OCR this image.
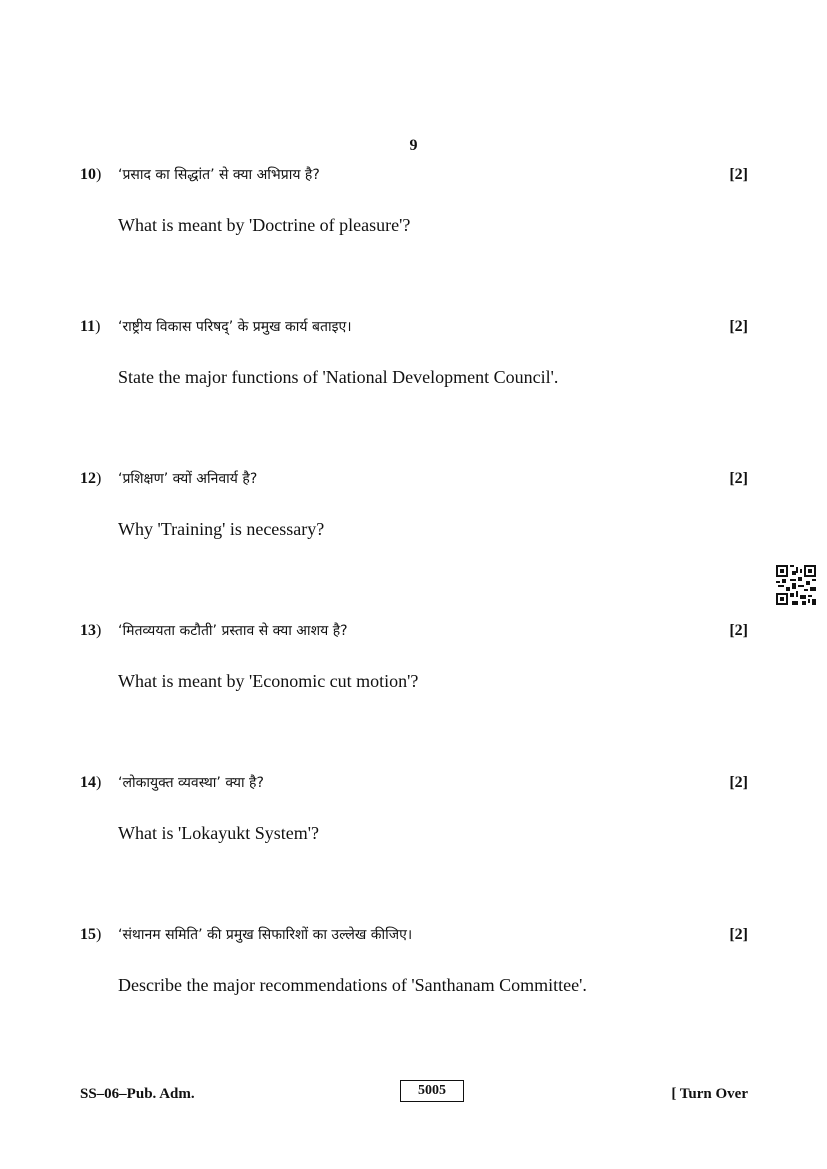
9
10) ‘प्रसाद का सिद्धांत’ से क्या अभिप्राय है?	[2]
What is meant by 'Doctrine of pleasure'?
11) ‘राष्ट्रीय विकास परिषद्’ के प्रमुख कार्य बताइए।	[2]
State the major functions of 'National Development Council'.
12) ‘प्रशिक्षण’ क्यों अनिवार्य है?	[2]
Why 'Training' is necessary?
13) ‘मितव्ययता कटौती’ प्रस्ताव से क्या आशय है?	[2]
What is meant by 'Economic cut motion'?
14) ‘लोकायुक्त व्यवस्था’ क्या है?	[2]
What is 'Lokayukt System'?
15) ‘संथानम समिति’ की प्रमुख सिफारिशों का उल्लेख कीजिए।	[2]
Describe the major recommendations of 'Santhanam Committee'.
SS–06–Pub. Adm.	5005	[ Turn Over
